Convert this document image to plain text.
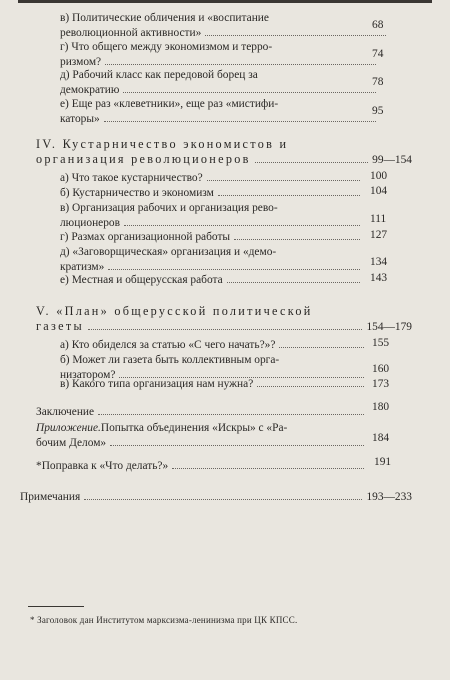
в) Политические обличения и «воспитание
революционной активности»
68
г) Что общего между экономизмом и терро-
ризмом?
74
д) Рабочий класс как передовой борец за
демократию
78
е) Еще раз «клеветники», еще раз «мистифи-
каторы»
95
IV. Кустарничество экономистов и
организация революционеров	99—154
а) Что такое кустарничество?	100
б) Кустарничество и экономизм	104
в) Организация рабочих и организация рево-
люционеров	111
г) Размах организационной работы	127
д) «Заговорщическая» организация и «демо-
кратизм»	134
е) Местная и общерусская работа	143
V. «План» общерусской политической
газеты	154—179
а) Кто обиделся за статью «С чего начать?»?	155
б) Может ли газета быть коллективным орга-
низатором?	160
в) Какого типа организация нам нужна?	173
Заключение	180
Приложение. Попытка объединения «Искры» с «Ра-
бочим Делом»	184
*Поправка к «Что делать?»	191
Примечания	193—233
* Заголовок дан Институтом марксизма-ленинизма при ЦК КПСС.
